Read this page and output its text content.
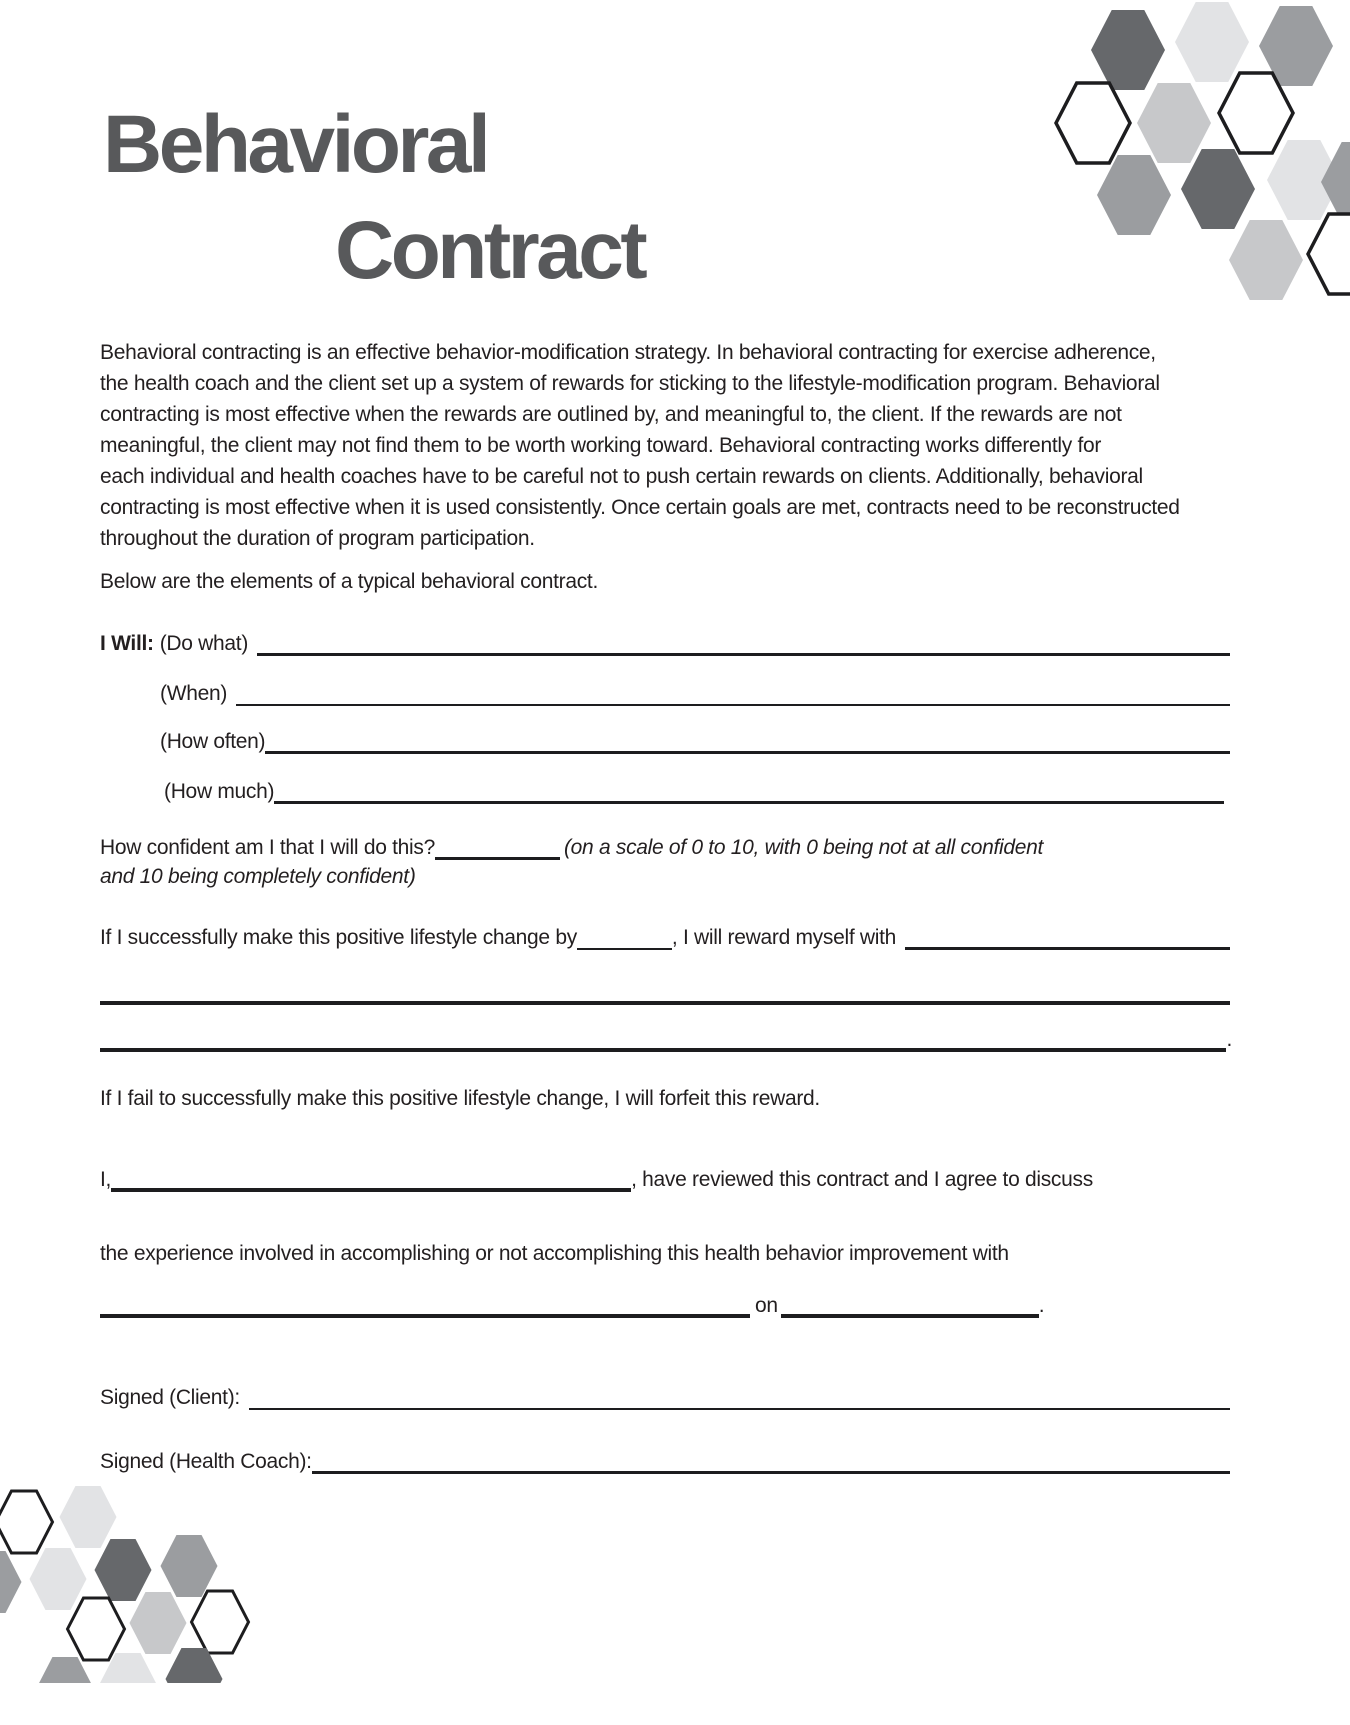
Behavioral
Contract
Behavioral contracting is an effective behavior-modification strategy. In behavioral contracting for exercise adherence,
the health coach and the client set up a system of rewards for sticking to the lifestyle-modification program. Behavioral
contracting is most effective when the rewards are outlined by, and meaningful to, the client. If the rewards are not
meaningful, the client may not find them to be worth working toward. Behavioral contracting works differently for
each individual and health coaches have to be careful not to push certain rewards on clients. Additionally, behavioral
contracting is most effective when it is used consistently. Once certain goals are met, contracts need to be reconstructed
throughout the duration of program participation.
Below are the elements of a typical behavioral contract.
I Will: (Do what)
(When)
(How often)
(How much)
How confident am I that I will do this?	(on a scale of 0 to 10, with 0 being not at all confident
and 10 being completely confident)
If I successfully make this positive lifestyle change by	, I will reward myself with
.
If I fail to successfully make this positive lifestyle change, I will forfeit this reward.
I,	, have reviewed this contract and I agree to discuss
the experience involved in accomplishing or not accomplishing this health behavior improvement with
on	.
Signed (Client):
Signed (Health Coach):
